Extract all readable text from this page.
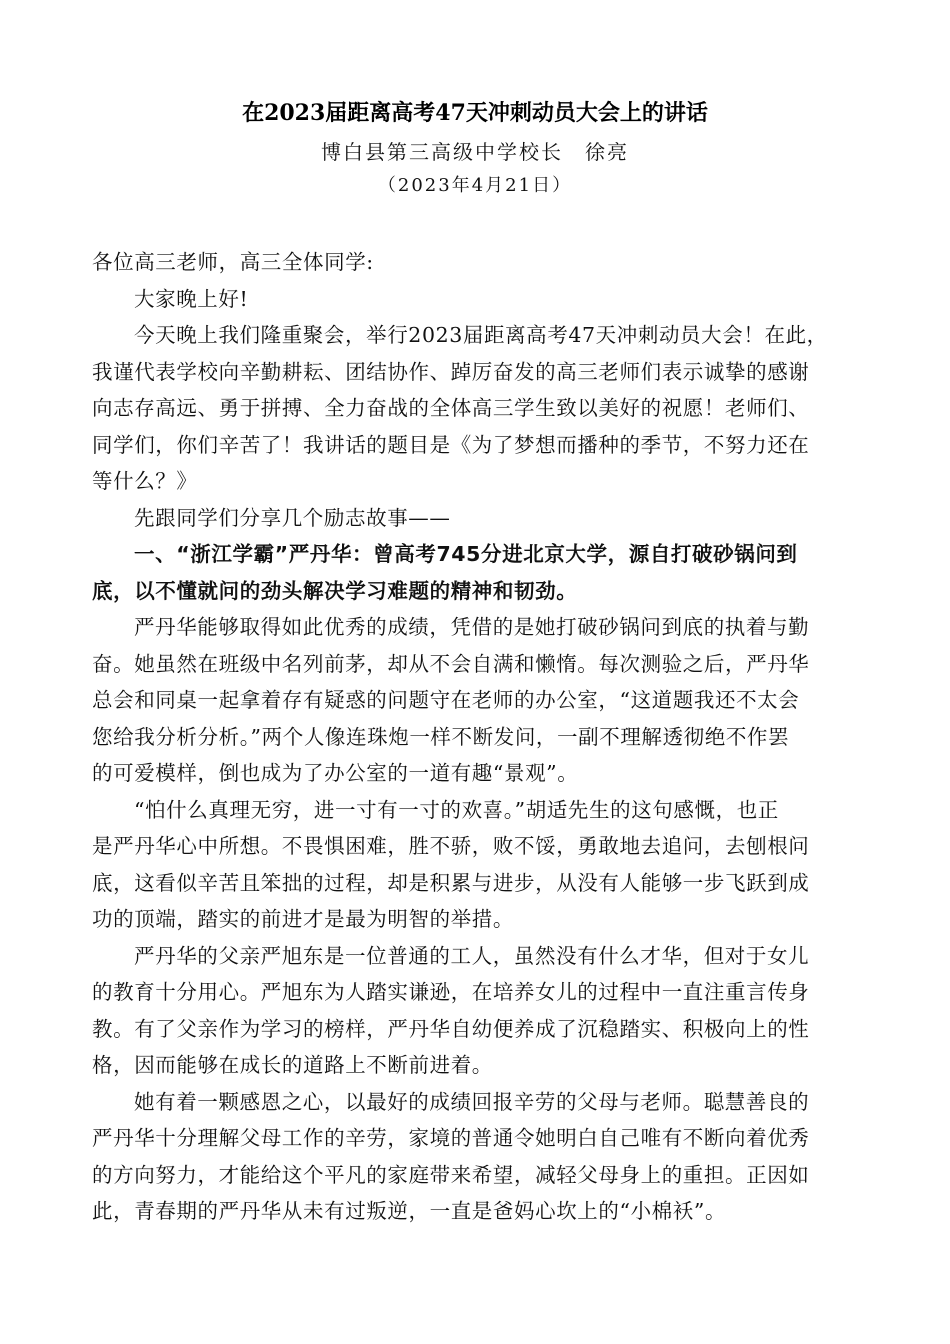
在2023届距离高考47天冲刺动员大会上的讲话
博白县第三高级中学校长　徐亮
（2023年4月21日）
各位高三老师，高三全体同学:
大家晚上好!
今天晚上我们隆重聚会，举行2023届距离高考47天冲刺动员大会！在此，
我谨代表学校向辛勤耕耘、团结协作、踔厉奋发的高三老师们表示诚挚的感谢
向志存高远、勇于拼搏、全力奋战的全体高三学生致以美好的祝愿！老师们、
同学们，你们辛苦了！我讲话的题目是《为了梦想而播种的季节，不努力还在
等什么？》
先跟同学们分享几个励志故事——
一、“浙江学霸”严丹华：曾高考745分进北京大学，源自打破砂锅问到
底，以不懂就问的劲头解决学习难题的精神和韧劲。
严丹华能够取得如此优秀的成绩，凭借的是她打破砂锅问到底的执着与勤
奋。她虽然在班级中名列前茅，却从不会自满和懒惰。每次测验之后，严丹华
总会和同桌一起拿着存有疑惑的问题守在老师的办公室，“这道题我还不太会
您给我分析分析。”两个人像连珠炮一样不断发问，一副不理解透彻绝不作罢
的可爱模样，倒也成为了办公室的一道有趣“景观”。
“怕什么真理无穷，进一寸有一寸的欢喜。”胡适先生的这句感慨，也正
是严丹华心中所想。不畏惧困难，胜不骄，败不馁，勇敢地去追问，去刨根问
底，这看似辛苦且笨拙的过程，却是积累与进步，从没有人能够一步飞跃到成
功的顶端，踏实的前进才是最为明智的举措。
严丹华的父亲严旭东是一位普通的工人，虽然没有什么才华，但对于女儿
的教育十分用心。严旭东为人踏实谦逊，在培养女儿的过程中一直注重言传身
教。有了父亲作为学习的榜样，严丹华自幼便养成了沉稳踏实、积极向上的性
格，因而能够在成长的道路上不断前进着。
她有着一颗感恩之心，以最好的成绩回报辛劳的父母与老师。聪慧善良的
严丹华十分理解父母工作的辛劳，家境的普通令她明白自己唯有不断向着优秀
的方向努力，才能给这个平凡的家庭带来希望，减轻父母身上的重担。正因如
此，青春期的严丹华从未有过叛逆，一直是爸妈心坎上的“小棉袄”。
